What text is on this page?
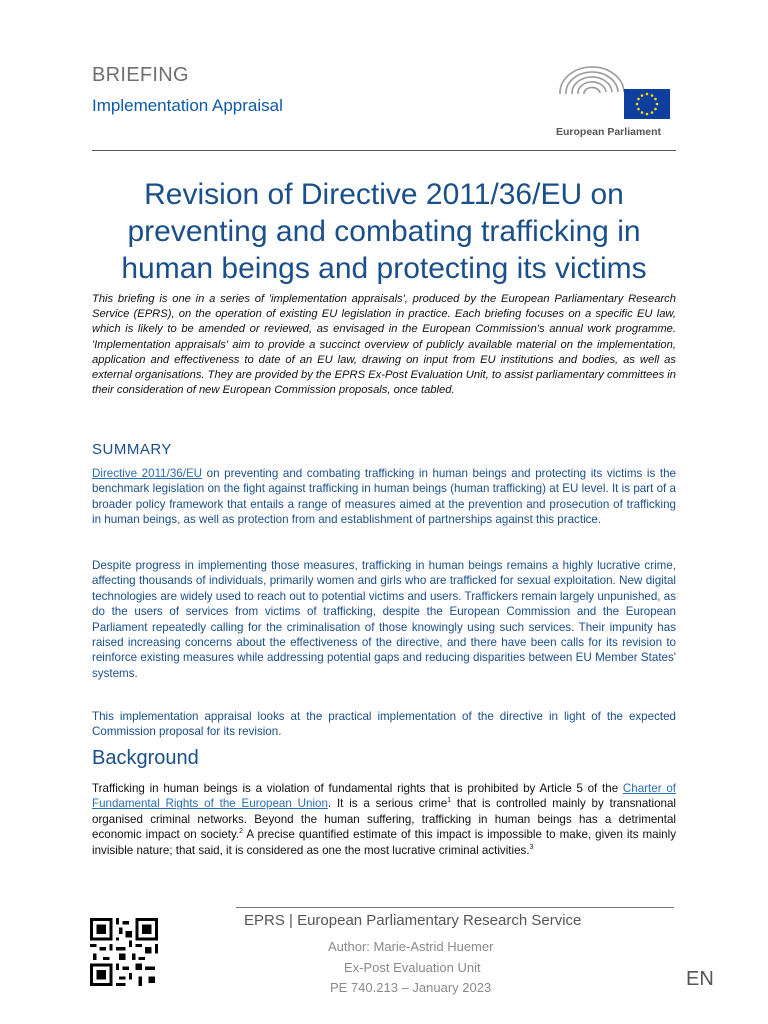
BRIEFING
Implementation Appraisal
European Parliament
Revision of Directive 2011/36/EU on preventing and combating trafficking in human beings and protecting its victims
This briefing is one in a series of 'implementation appraisals', produced by the European Parliamentary Research Service (EPRS), on the operation of existing EU legislation in practice. Each briefing focuses on a specific EU law, which is likely to be amended or reviewed, as envisaged in the European Commission's annual work programme. 'Implementation appraisals' aim to provide a succinct overview of publicly available material on the implementation, application and effectiveness to date of an EU law, drawing on input from EU institutions and bodies, as well as external organisations. They are provided by the EPRS Ex-Post Evaluation Unit, to assist parliamentary committees in their consideration of new European Commission proposals, once tabled.
SUMMARY

Directive 2011/36/EU on preventing and combating trafficking in human beings and protecting its victims is the benchmark legislation on the fight against trafficking in human beings (human trafficking) at EU level. It is part of a broader policy framework that entails a range of measures aimed at the prevention and prosecution of trafficking in human beings, as well as protection from and establishment of partnerships against this practice.

Despite progress in implementing those measures, trafficking in human beings remains a highly lucrative crime, affecting thousands of individuals, primarily women and girls who are trafficked for sexual exploitation. New digital technologies are widely used to reach out to potential victims and users. Traffickers remain largely unpunished, as do the users of services from victims of trafficking, despite the European Commission and the European Parliament repeatedly calling for the criminalisation of those knowingly using such services. Their impunity has raised increasing concerns about the effectiveness of the directive, and there have been calls for its revision to reinforce existing measures while addressing potential gaps and reducing disparities between EU Member States' systems.

This implementation appraisal looks at the practical implementation of the directive in light of the expected Commission proposal for its revision.

Background

Trafficking in human beings is a violation of fundamental rights that is prohibited by Article 5 of the Charter of Fundamental Rights of the European Union. It is a serious crime$^1$ that is controlled mainly by transnational organised criminal networks. Beyond the human suffering, trafficking in human beings has a detrimental economic impact on society.$^2$ A precise quantified estimate of this impact is impossible to make, given its mainly invisible nature; that said, it is considered as one the most lucrative criminal activities.$^3$

EPRS | European Parliamentary Research Service
Author: Marie-Astrid Huemer
Ex-Post Evaluation Unit
PE 740.213 – January 2023	EN
